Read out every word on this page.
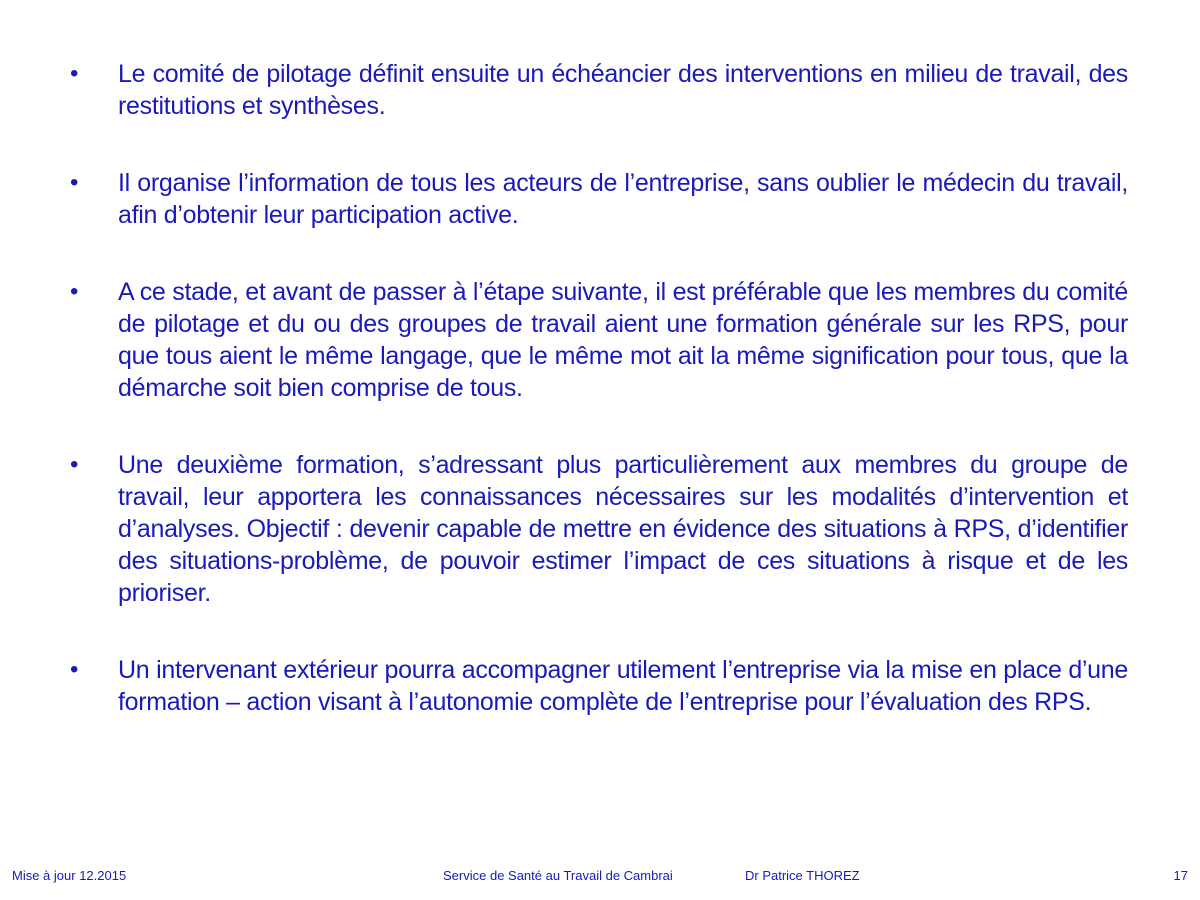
•	Le comité de pilotage définit ensuite un échéancier des interventions en milieu de travail, des restitutions et synthèses.
•	Il organise l’information de tous les acteurs de l’entreprise, sans oublier le médecin du travail, afin d’obtenir leur participation active.
•	A ce stade, et avant de passer à l’étape suivante, il est préférable que les membres du comité de pilotage et du ou des groupes de travail aient une formation générale sur les RPS, pour que tous aient le même langage, que le même mot ait la même signification pour tous, que la démarche soit bien comprise de tous.
•	Une deuxième formation, s’adressant plus particulièrement aux membres du groupe de travail, leur apportera les connaissances nécessaires sur les modalités d’intervention et d’analyses. Objectif : devenir capable de mettre en évidence des situations à RPS, d’identifier des situations-problème, de pouvoir estimer l’impact de ces situations à risque et de les prioriser.
•	Un intervenant extérieur pourra accompagner utilement l’entreprise via la mise en place d’une formation – action visant à l’autonomie complète de l’entreprise pour l’évaluation des RPS.
Mise à jour 12.2015	Service de Santé au Travail de Cambrai	Dr Patrice THOREZ	17
